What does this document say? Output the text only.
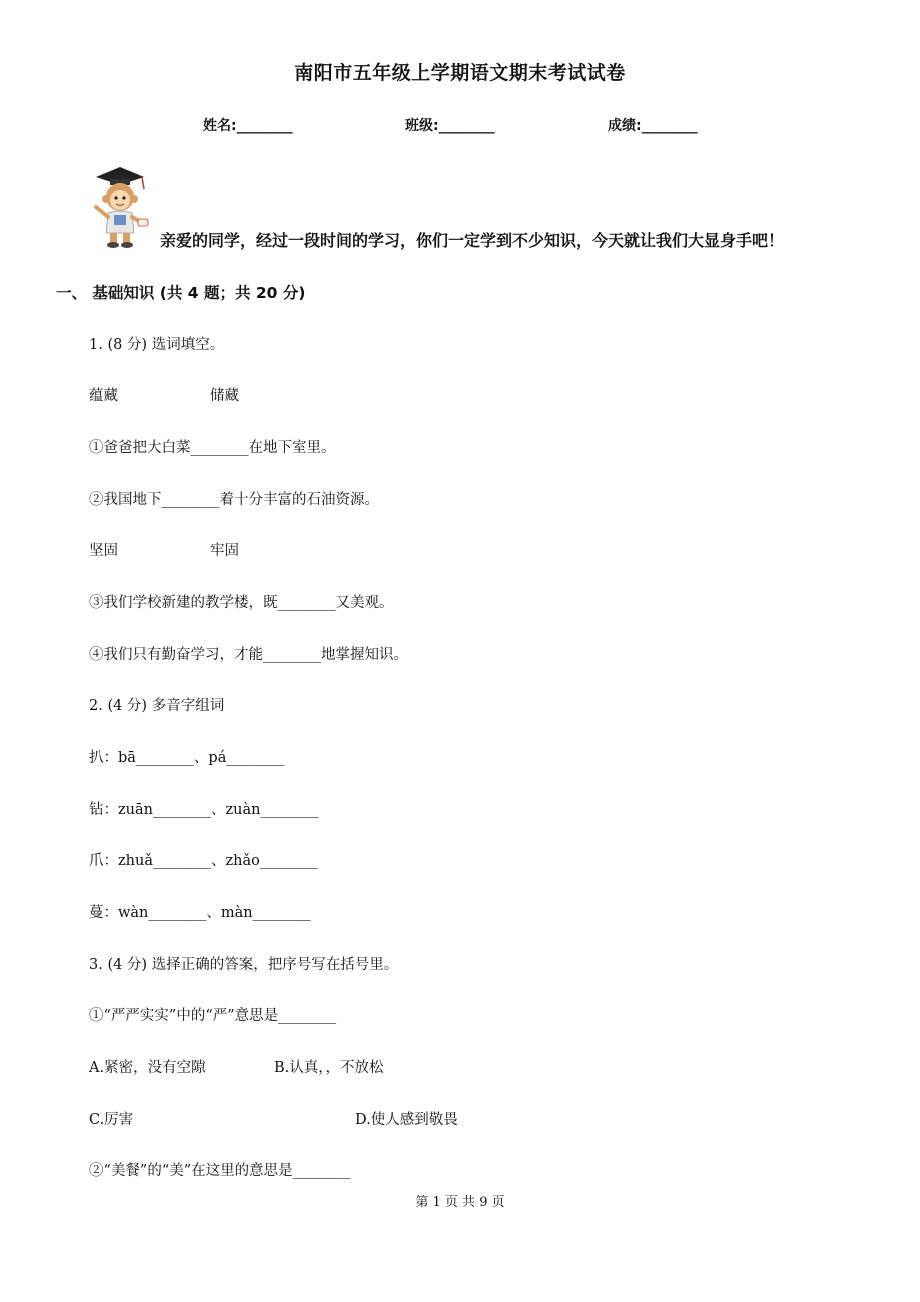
南阳市五年级上学期语文期末考试试卷
姓名:________	班级:________	成绩:________
亲爱的同学，经过一段时间的学习，你们一定学到不少知识，今天就让我们大显身手吧！
一、 基础知识 (共 4 题；共 20 分)
1. (8 分) 选词填空。
蕴藏	储藏
①爸爸把大白菜________在地下室里。
②我国地下________着十分丰富的石油资源。
坚固	牢固
③我们学校新建的教学楼，既________又美观。
④我们只有勤奋学习，才能________地掌握知识。
2. (4 分) 多音字组词
扒：bā________、pá________
钻：zuān________、zuàn________
爪：zhuǎ________、zhǎo________
蔓：wàn________、màn________
3. (4 分) 选择正确的答案，把序号写在括号里。
①“严严实实”中的“严”意思是________
A.紧密，没有空隙	B.认真，，不放松
C.厉害	D.使人感到敬畏
②“美餐”的“美”在这里的意思是________
第 1 页 共 9 页
